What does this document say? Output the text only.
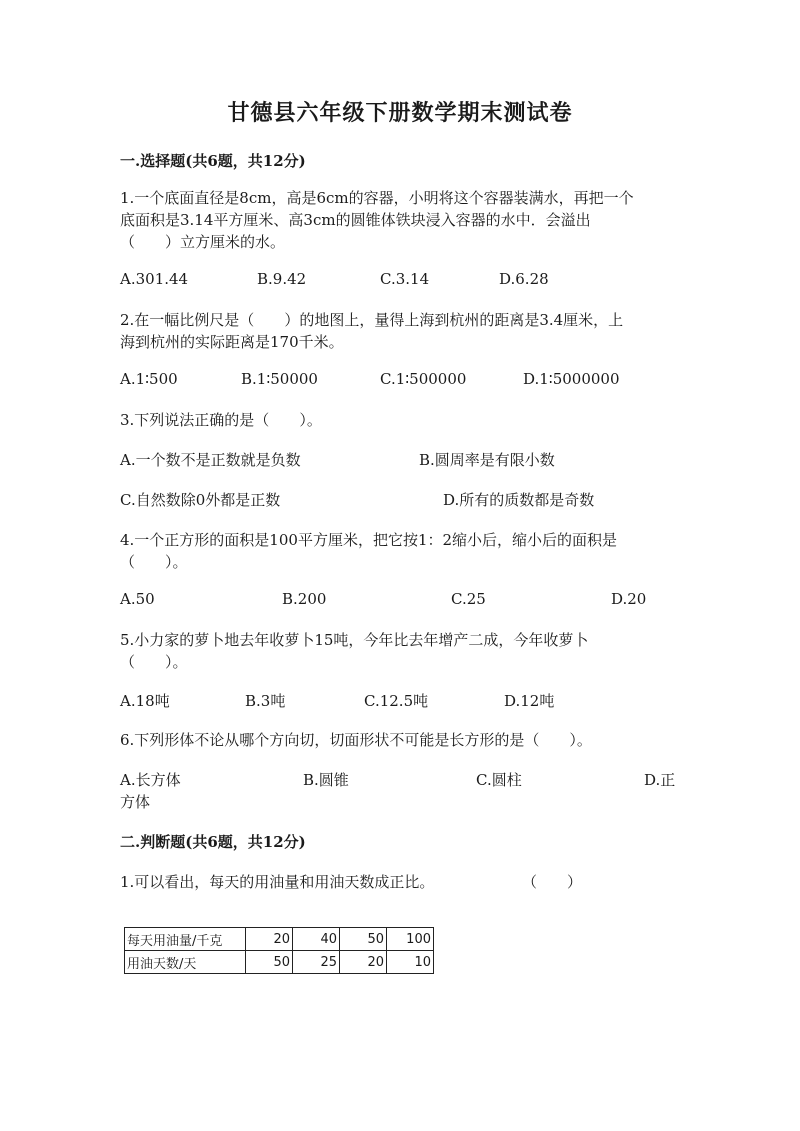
甘德县六年级下册数学期末测试卷
一.选择题(共6题，共12分)
1.一个底面直径是8cm，高是6cm的容器，小明将这个容器装满水，再把一个
底面积是3.14平方厘米、高3cm的圆锥体铁块浸入容器的水中．会溢出
（　　）立方厘米的水。
A.301.44	B.9.42	C.3.14	D.6.28
2.在一幅比例尺是（　　）的地图上，量得上海到杭州的距离是3.4厘米，上
海到杭州的实际距离是170千米。
A.1∶500	B.1∶50000	C.1∶500000	D.1∶5000000
3.下列说法正确的是（　　）。
A.一个数不是正数就是负数	B.圆周率是有限小数
C.自然数除0外都是正数	D.所有的质数都是奇数
4.一个正方形的面积是100平方厘米，把它按1：2缩小后，缩小后的面积是
（　　）。
A.50	B.200	C.25	D.20
5.小力家的萝卜地去年收萝卜15吨，今年比去年增产二成，今年收萝卜
（　　）。
A.18吨	B.3吨	C.12.5吨	D.12吨
6.下列形体不论从哪个方向切，切面形状不可能是长方形的是（　　）。
A.长方体	B.圆锥	C.圆柱	D.正
方体
二.判断题(共6题，共12分)
1.可以看出，每天的用油量和用油天数成正比。	（　　）
每天用油量/千克	20	40	50	100
用油天数/天	50	25	20	10
